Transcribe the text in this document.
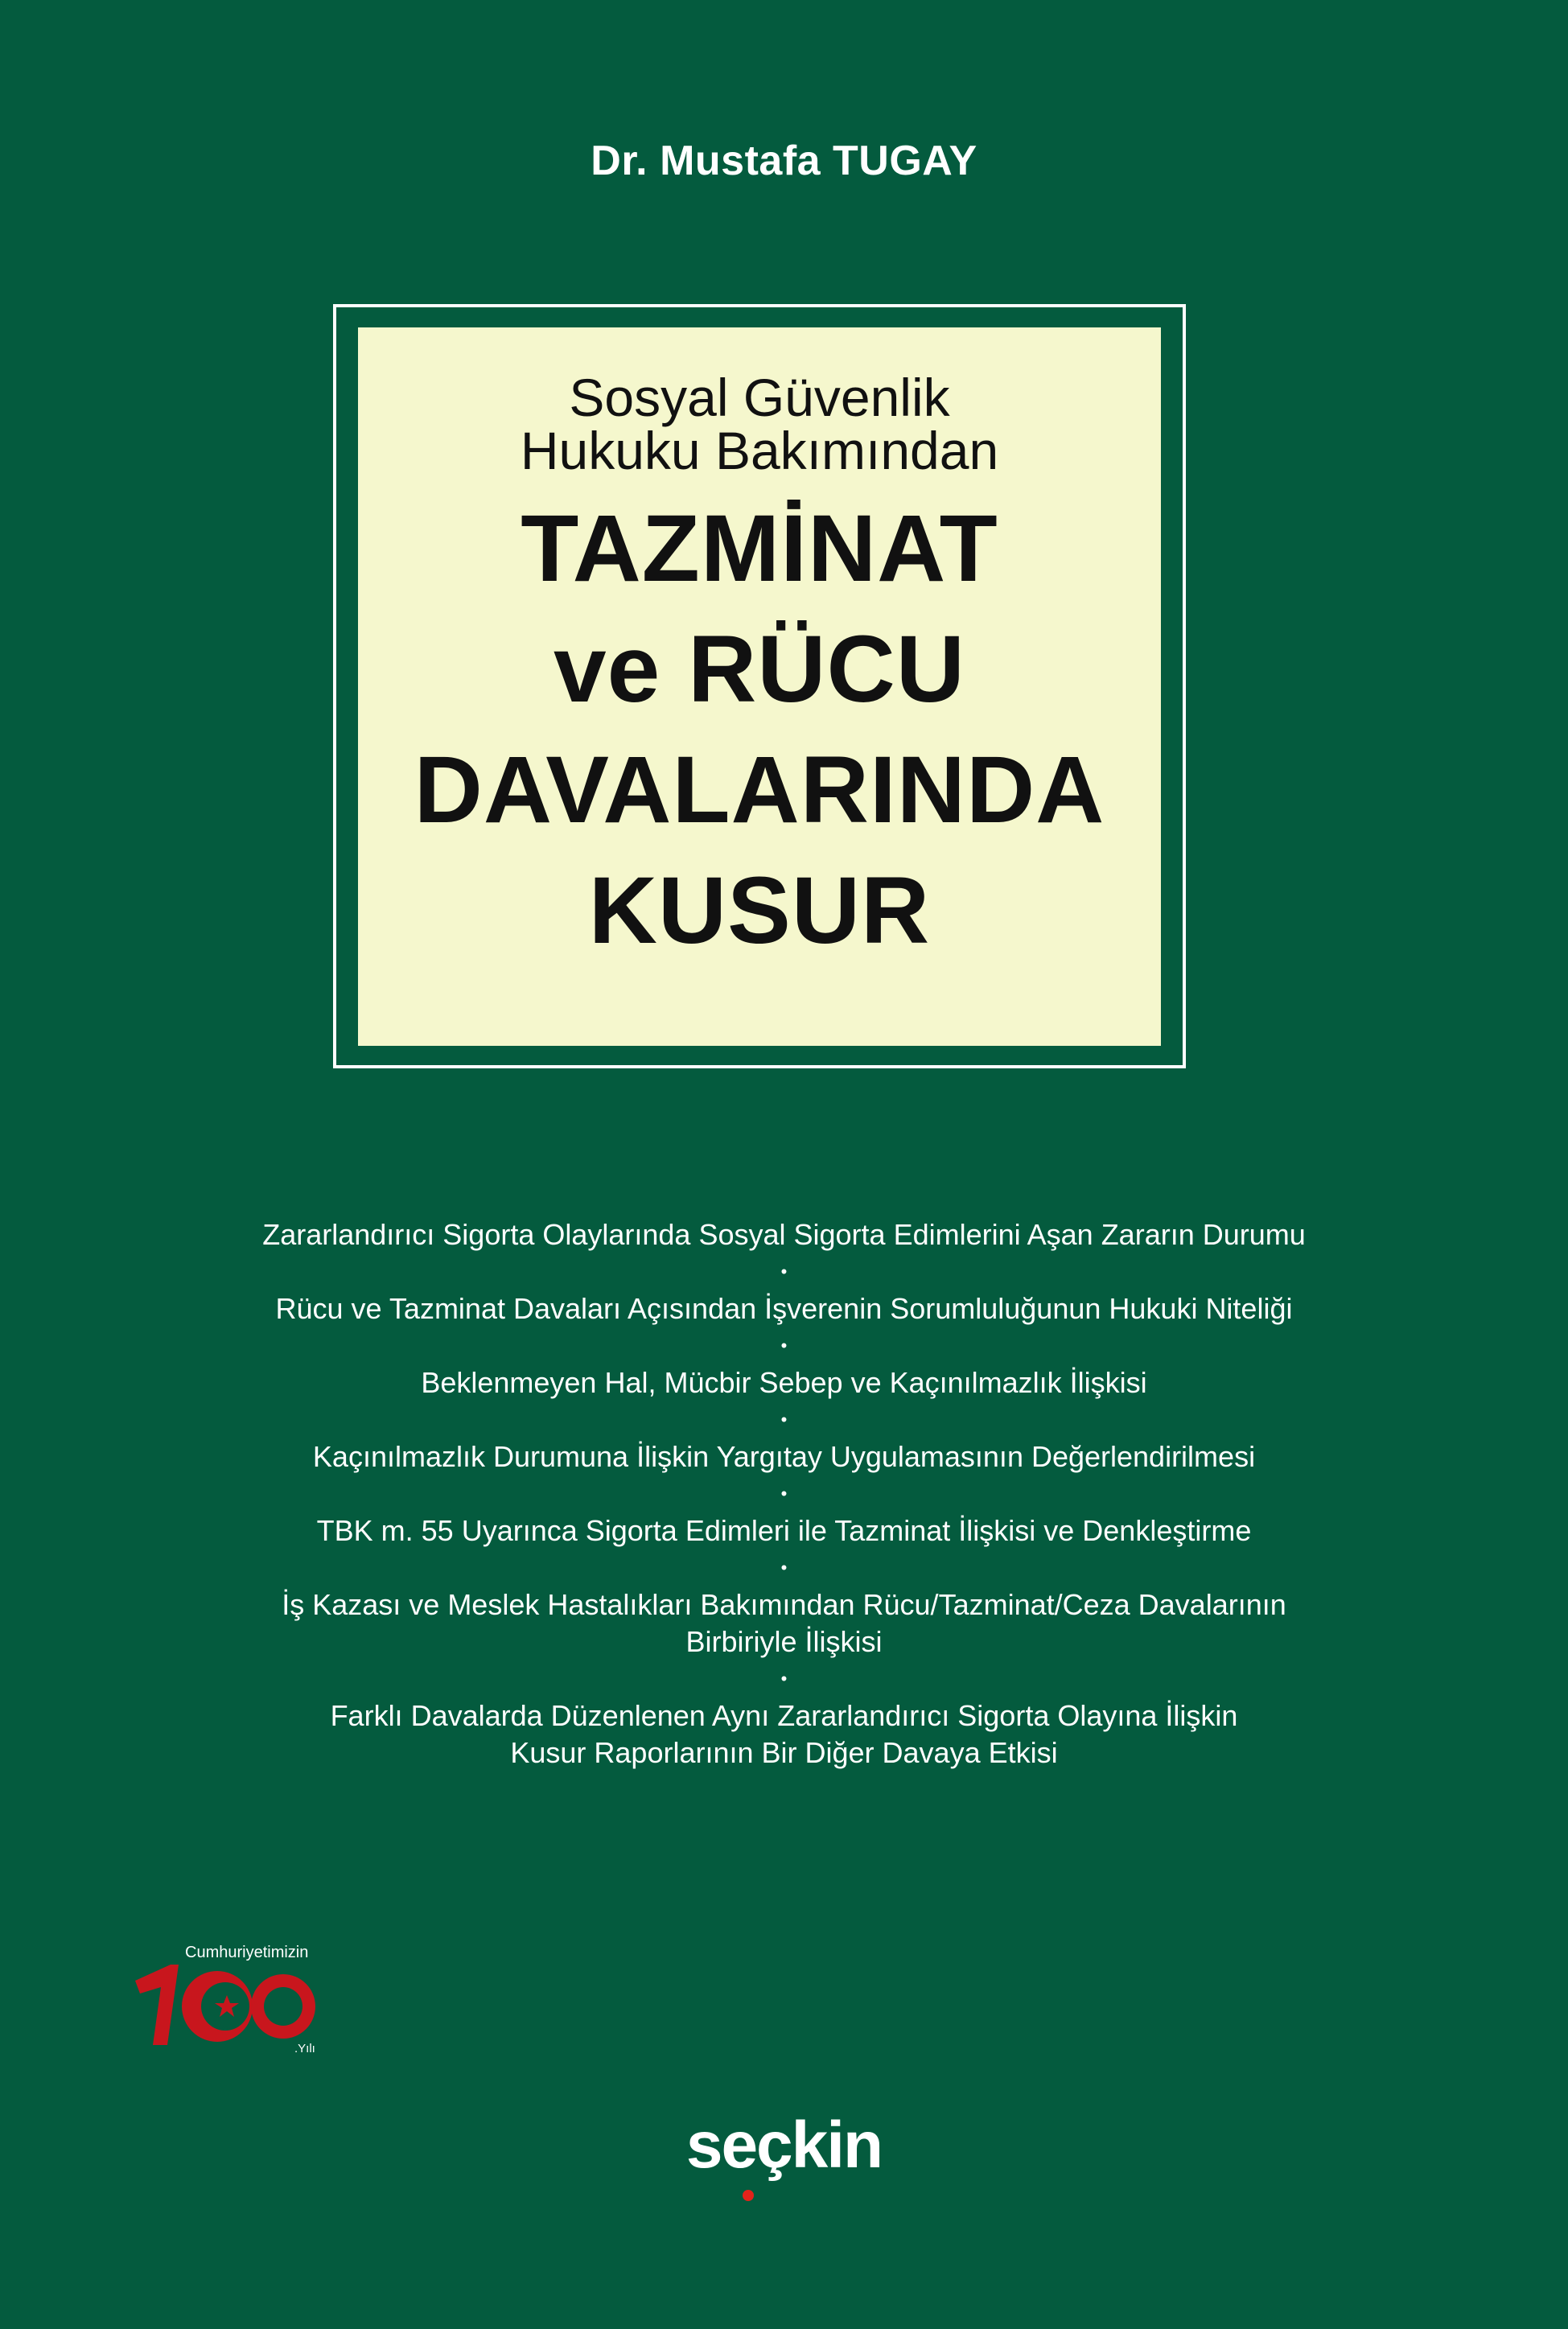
Dr. Mustafa TUGAY
Sosyal Güvenlik
Hukuku Bakımından
TAZMİNAT
ve RÜCU
DAVALARINDA
KUSUR
Zararlandırıcı Sigorta Olaylarında Sosyal Sigorta Edimlerini Aşan Zararın Durumu
•
Rücu ve Tazminat Davaları Açısından İşverenin Sorumluluğunun Hukuki Niteliği
•
Beklenmeyen Hal, Mücbir Sebep ve Kaçınılmazlık İlişkisi
•
Kaçınılmazlık Durumuna İlişkin Yargıtay Uygulamasının Değerlendirilmesi
•
TBK m. 55 Uyarınca Sigorta Edimleri ile Tazminat İlişkisi ve Denkleştirme
•
İş Kazası ve Meslek Hastalıkları Bakımından Rücu/Tazminat/Ceza Davalarının
Birbiriyle İlişkisi
•
Farklı Davalarda Düzenlenen Aynı Zararlandırıcı Sigorta Olayına İlişkin
Kusur Raporlarının Bir Diğer Davaya Etkisi
Cumhuriyetimizin
.Yılı
seçkin
